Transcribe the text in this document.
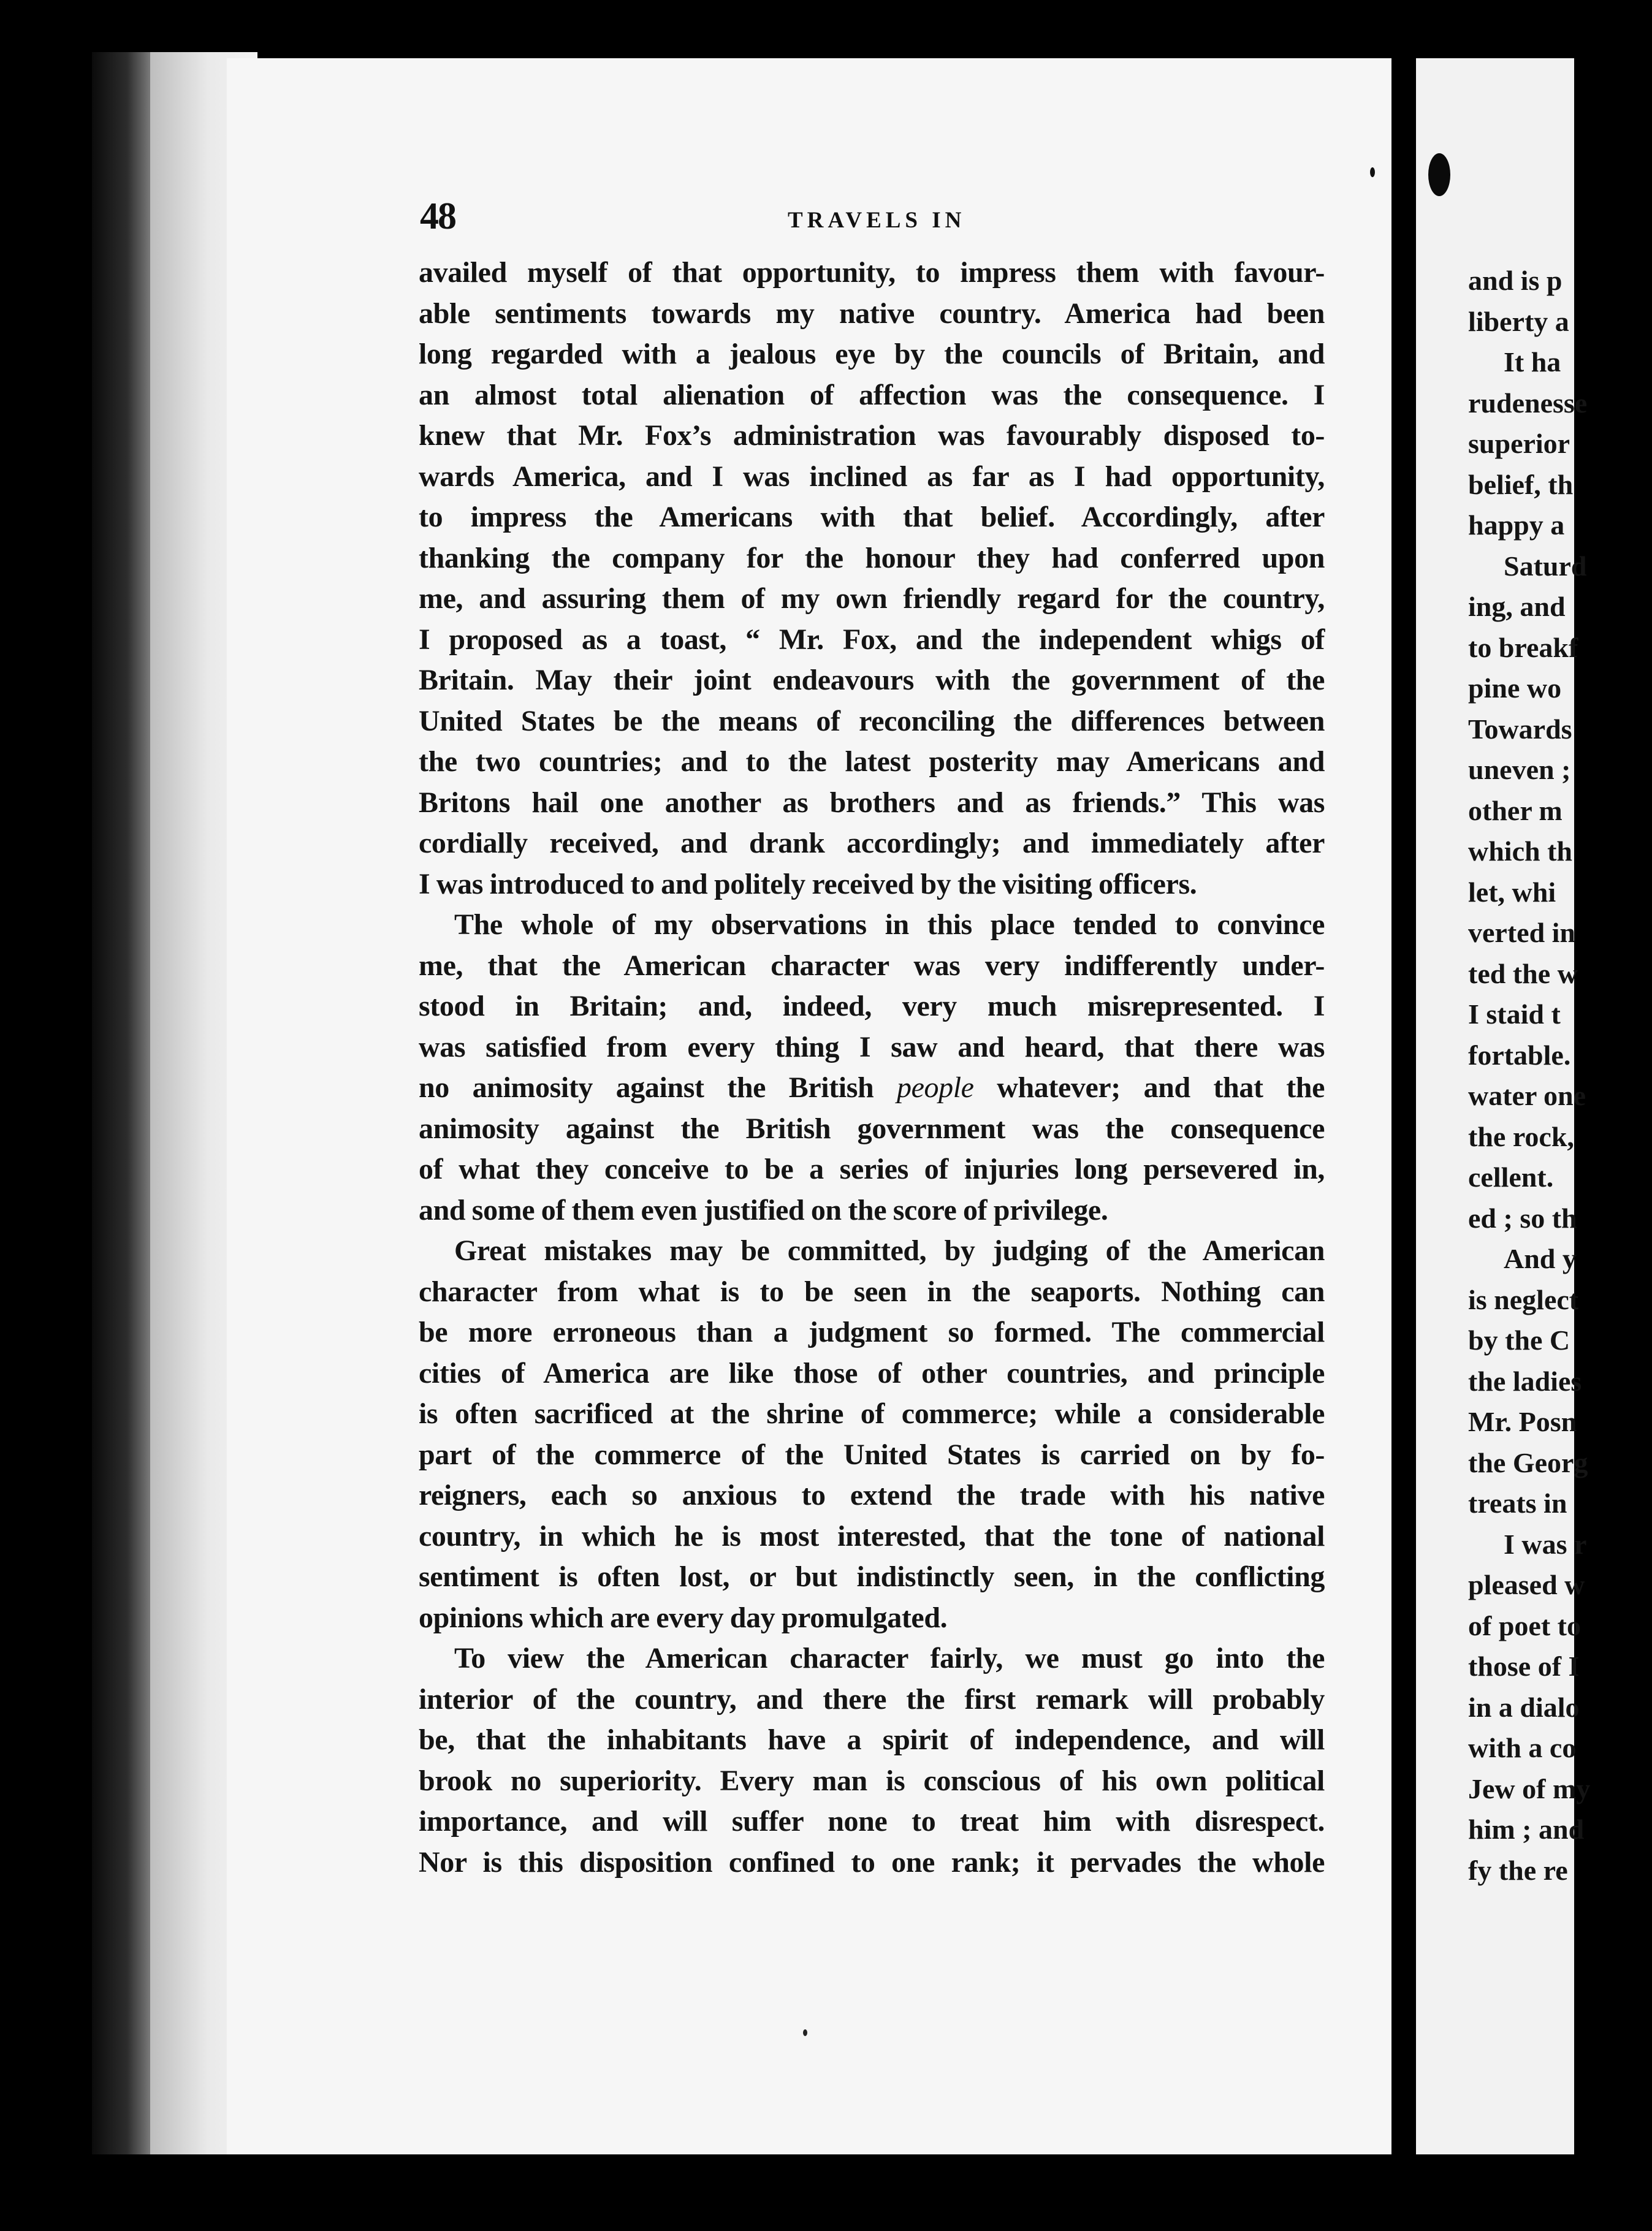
48	TRAVELS IN
availed myself of that opportunity, to impress them with favour-
able sentiments towards my native country. America had been
long regarded with a jealous eye by the councils of Britain, and
an almost total alienation of affection was the consequence. I
knew that Mr. Fox’s administration was favourably disposed to-
wards America, and I was inclined as far as I had opportunity,
to impress the Americans with that belief. Accordingly, after
thanking the company for the honour they had conferred upon
me, and assuring them of my own friendly regard for the country,
I proposed as a toast, “ Mr. Fox, and the independent whigs of
Britain. May their joint endeavours with the government of the
United States be the means of reconciling the differences between
the two countries; and to the latest posterity may Americans and
Britons hail one another as brothers and as friends.” This was
cordially received, and drank accordingly; and immediately after
I was introduced to and politely received by the visiting officers.
The whole of my observations in this place tended to convince
me, that the American character was very indifferently under-
stood in Britain; and, indeed, very much misrepresented. I
was satisfied from every thing I saw and heard, that there was
no animosity against the British people whatever; and that the
animosity against the British government was the consequence
of what they conceive to be a series of injuries long persevered in,
and some of them even justified on the score of privilege.
Great mistakes may be committed, by judging of the American
character from what is to be seen in the seaports. Nothing can
be more erroneous than a judgment so formed. The commercial
cities of America are like those of other countries, and principle
is often sacrificed at the shrine of commerce; while a considerable
part of the commerce of the United States is carried on by fo-
reigners, each so anxious to extend the trade with his native
country, in which he is most interested, that the tone of national
sentiment is often lost, or but indistinctly seen, in the conflicting
opinions which are every day promulgated.
To view the American character fairly, we must go into the
interior of the country, and there the first remark will probably
be, that the inhabitants have a spirit of independence, and will
brook no superiority. Every man is conscious of his own political
importance, and will suffer none to treat him with disrespect.
Nor is this disposition confined to one rank; it pervades the whole
and is p
liberty a
It ha
rudenesse
superior
belief, th
happy a
Saturd
ing, and
to breakf
pine wo
Towards
uneven ;
other m
which th
let, whi
verted in
ted the w
I staid t
fortable.
water one
the rock,
cellent.
ed ; so th
And y
is neglect
by the C
the ladies
Mr. Posn
the Georg
treats in
I was r
pleased w
of poet to
those of I
in a dialo
with a co
Jew of my
him ; and
fy the re
